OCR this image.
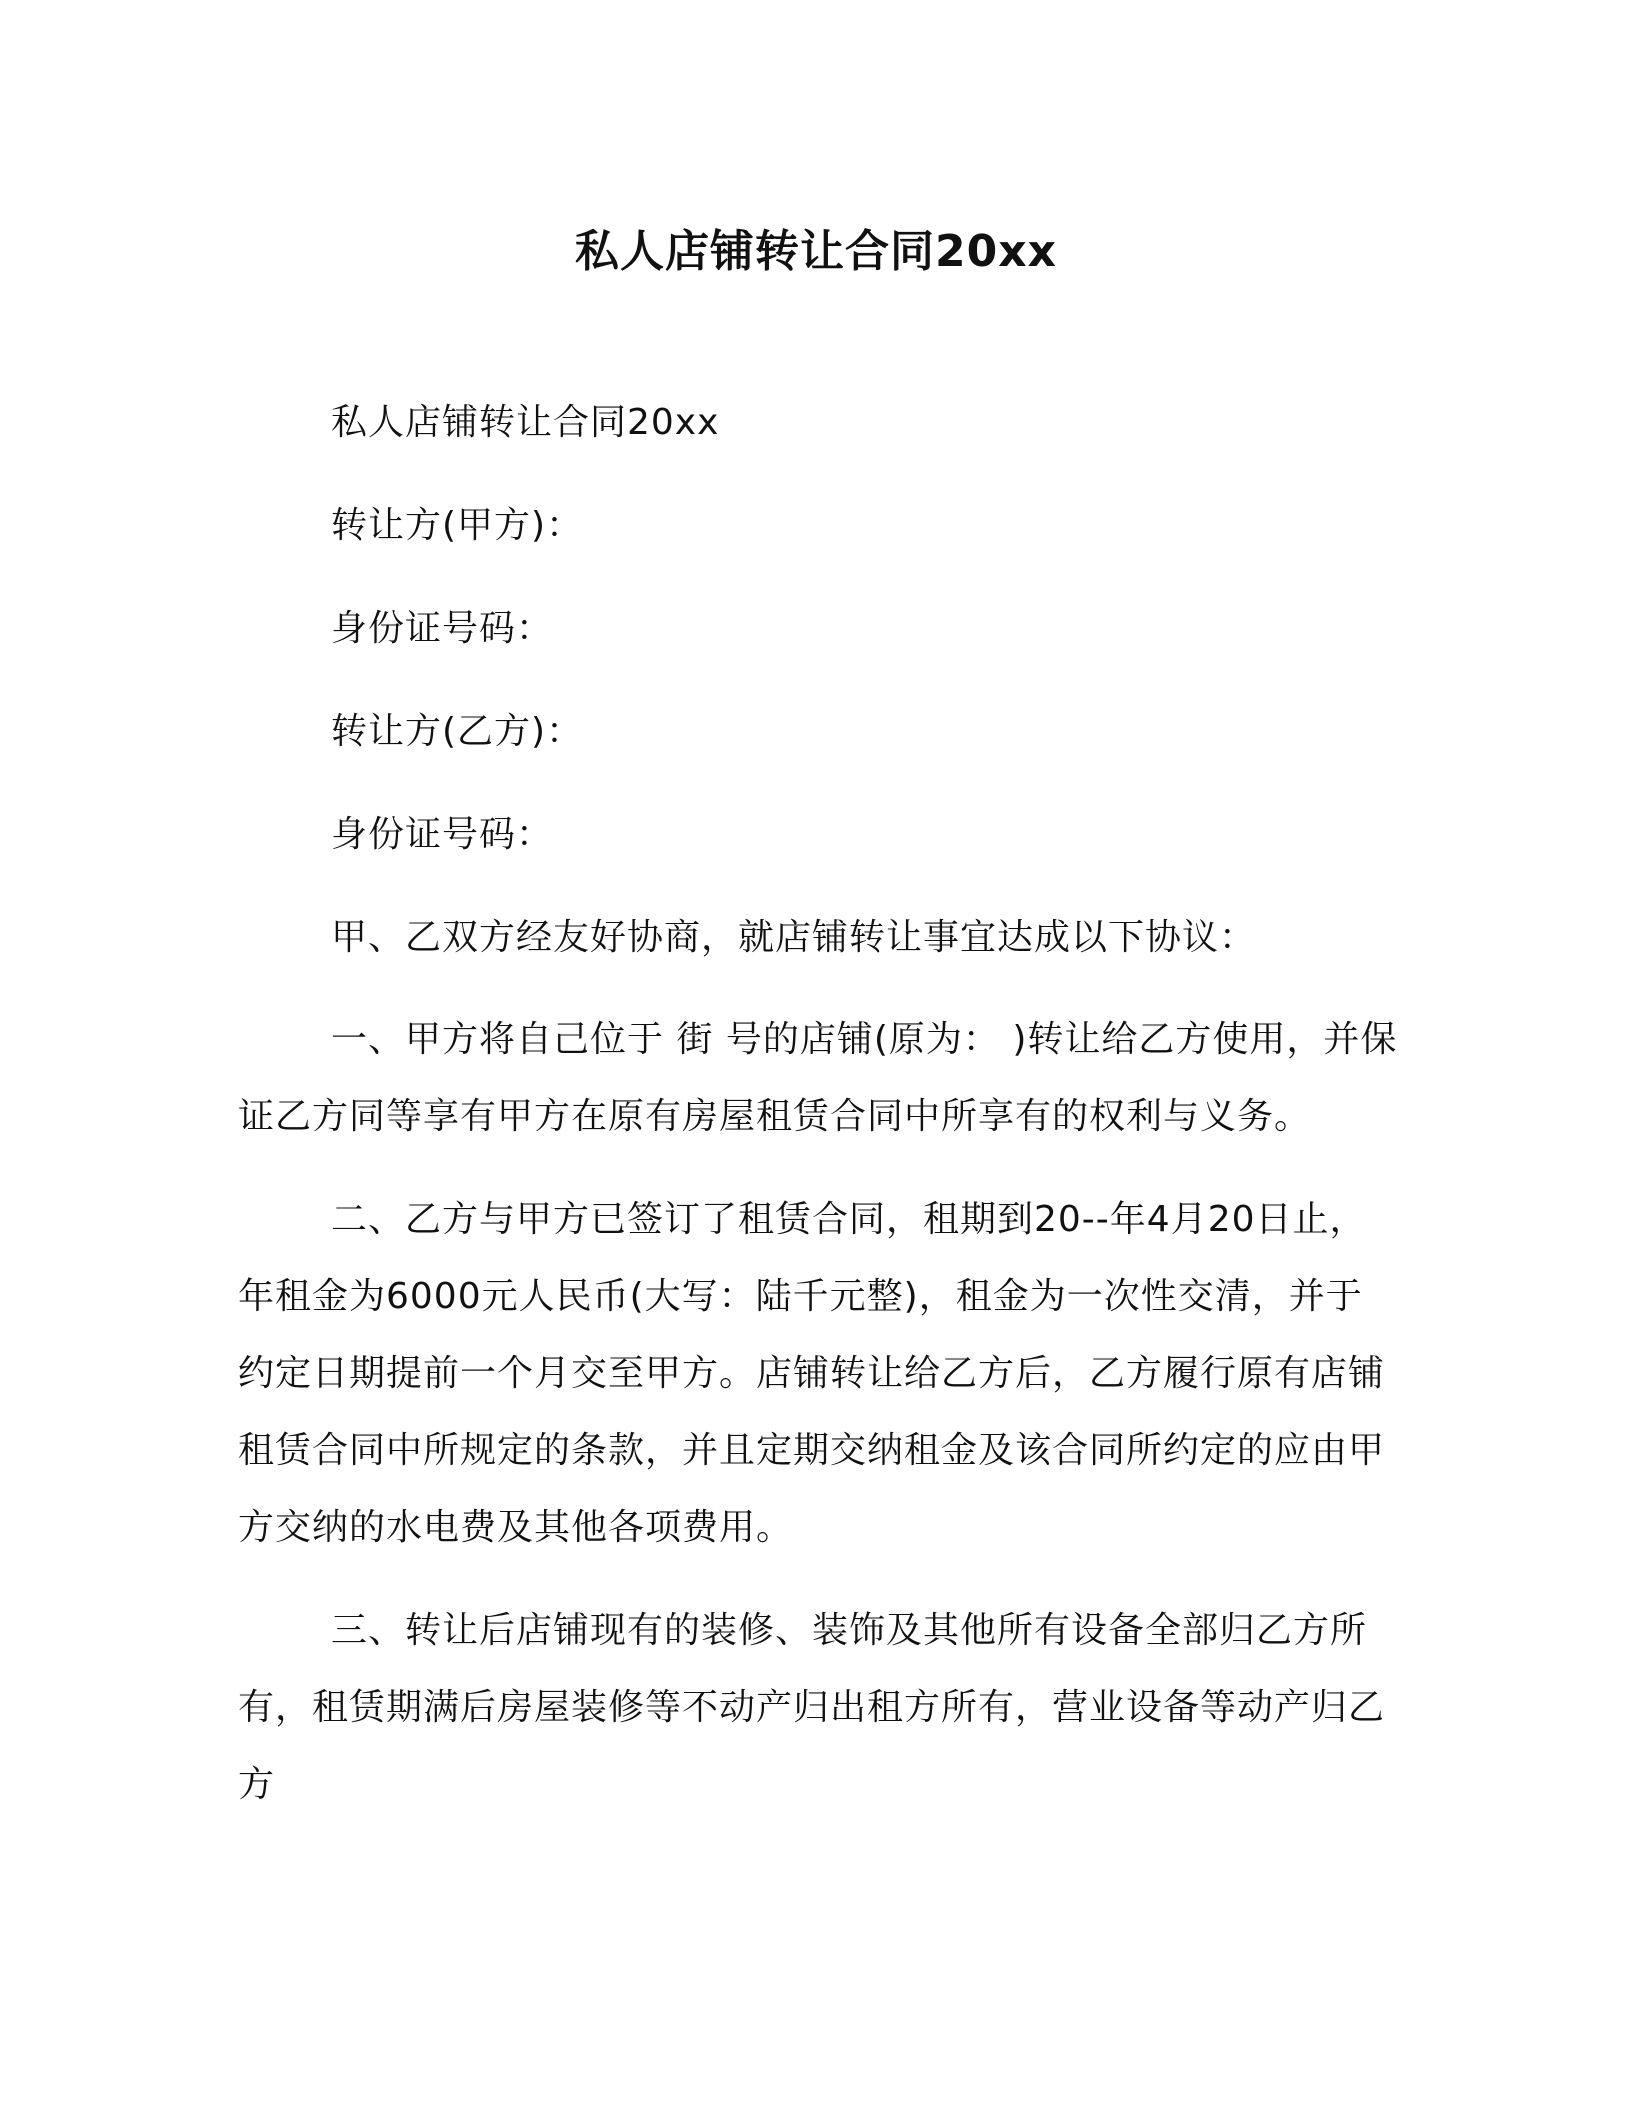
私人店铺转让合同20xx
私人店铺转让合同20xx
转让方(甲方)：
身份证号码：
转让方(乙方)：
身份证号码：
甲、乙双方经友好协商，就店铺转让事宜达成以下协议：
一、甲方将自己位于 街 号的店铺(原为： )转让给乙方使用，并保证乙方同等享有甲方在原有房屋租赁合同中所享有的权利与义务。
二、乙方与甲方已签订了租赁合同，租期到20--年4月20日止，年租金为6000元人民币(大写：陆千元整)，租金为一次性交清，并于约定日期提前一个月交至甲方。店铺转让给乙方后，乙方履行原有店铺租赁合同中所规定的条款，并且定期交纳租金及该合同所约定的应由甲方交纳的水电费及其他各项费用。
三、转让后店铺现有的装修、装饰及其他所有设备全部归乙方所有，租赁期满后房屋装修等不动产归出租方所有，营业设备等动产归乙方
